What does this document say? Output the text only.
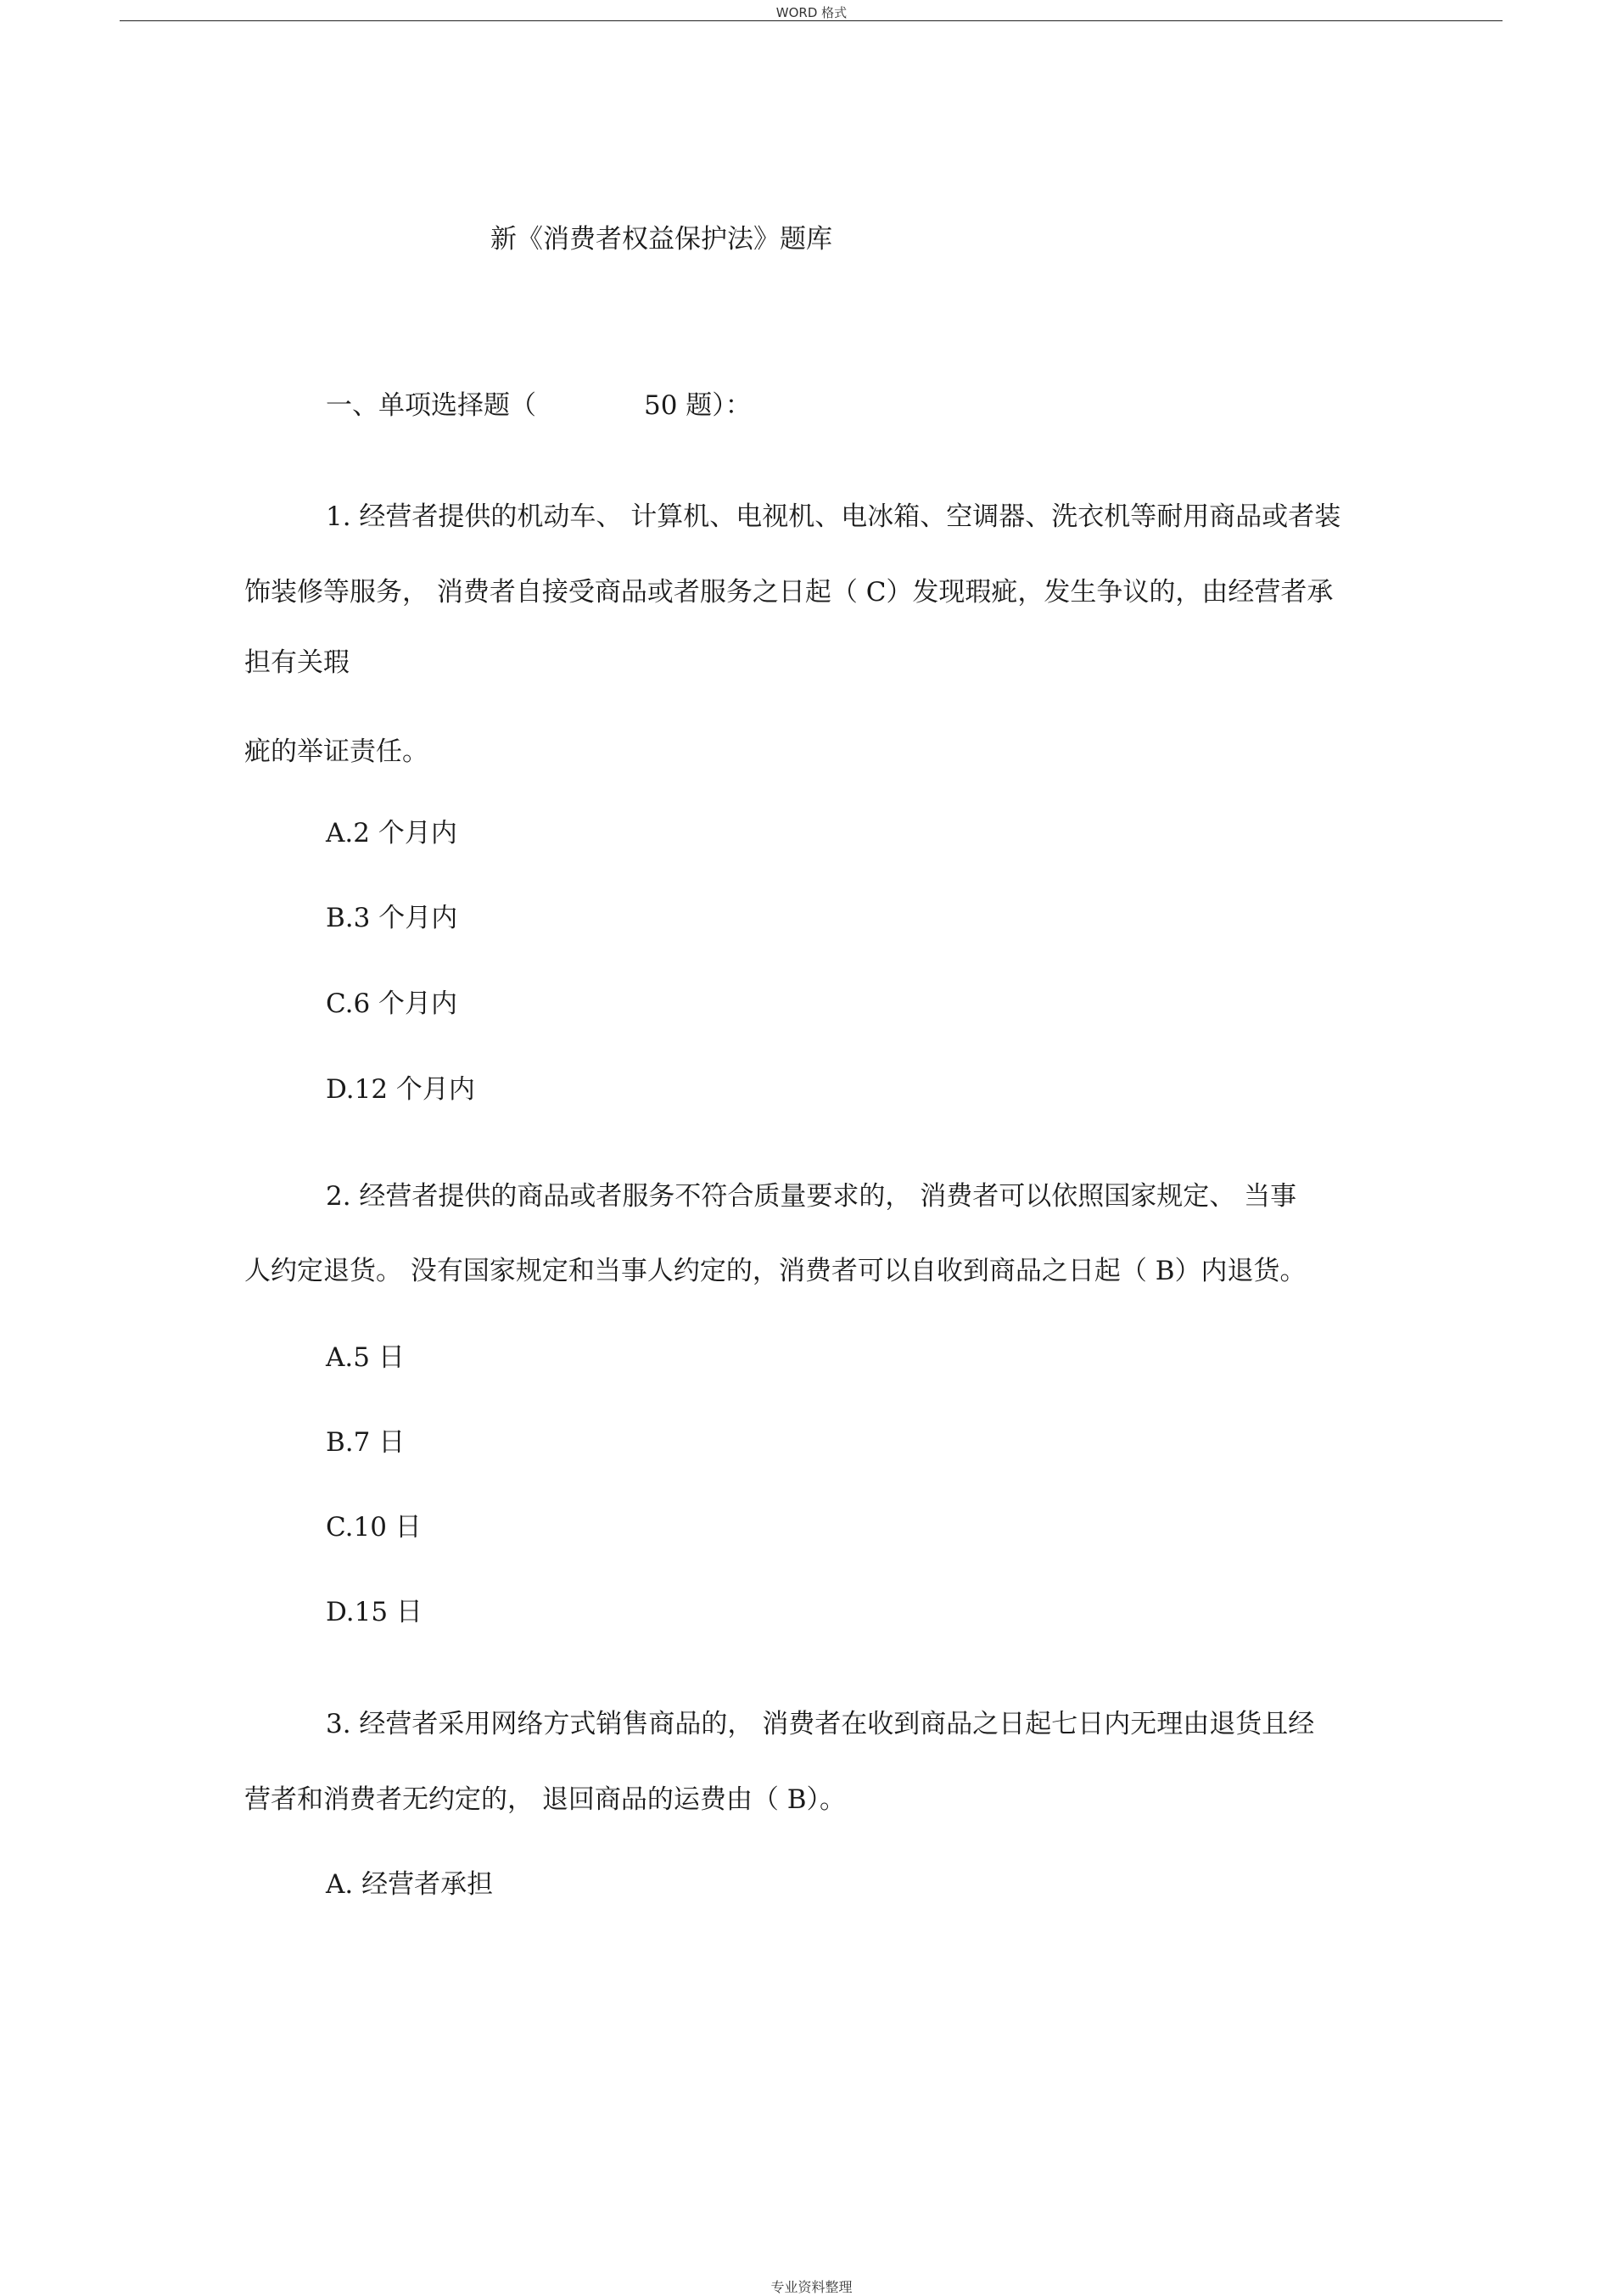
WORD 格式
新《消费者权益保护法》题库
一、单项选择题（	50 题）：
1. 经营者提供的机动车、 计算机、电视机、电冰箱、空调器、洗衣机等耐用商品或者装
饰装修等服务， 消费者自接受商品或者服务之日起（ C）发现瑕疵，发生争议的，由经营者承
担有关瑕
疵的举证责任。
A.2 个月内
B.3 个月内
C.6 个月内
D.12 个月内
2. 经营者提供的商品或者服务不符合质量要求的， 消费者可以依照国家规定、 当事
人约定退货。 没有国家规定和当事人约定的，消费者可以自收到商品之日起（ B）内退货。
A.5 日
B.7 日
C.10 日
D.15 日
3. 经营者采用网络方式销售商品的， 消费者在收到商品之日起七日内无理由退货且经
营者和消费者无约定的， 退回商品的运费由（ B）。
A. 经营者承担
专业资料整理
